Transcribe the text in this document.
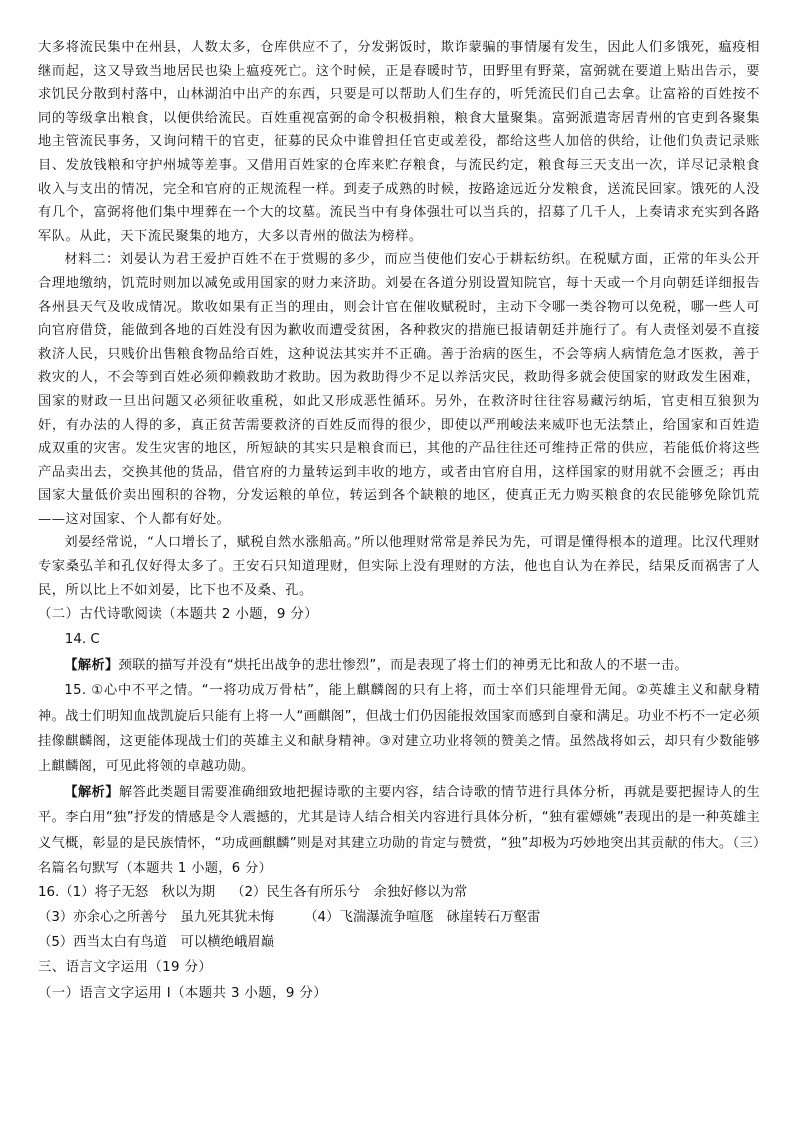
大多将流民集中在州县，人数太多，仓库供应不了，分发粥饭时，欺诈蒙骗的事情屡有发生，因此人们多饿死，瘟疫相继而起，这又导致当地居民也染上瘟疫死亡。这个时候，正是春暖时节，田野里有野菜，富弼就在要道上贴出告示，要求饥民分散到村落中，山林湖泊中出产的东西，只要是可以帮助人们生存的，听凭流民们自己去拿。让富裕的百姓按不同的等级拿出粮食，以便供给流民。百姓重视富弼的命令积极捐粮，粮食大量聚集。富弼派遣寄居青州的官吏到各聚集地主管流民事务，又询问精干的官吏，征募的民众中谁曾担任官吏或差役，都给这些人加倍的供给，让他们负责记录账目、发放钱粮和守护州城等差事。又借用百姓家的仓库来贮存粮食，与流民约定，粮食每三天支出一次，详尽记录粮食收入与支出的情况，完全和官府的正规流程一样。到麦子成熟的时候，按路途远近分发粮食，送流民回家。饿死的人没有几个，富弼将他们集中埋葬在一个大的坟墓。流民当中有身体强壮可以当兵的，招募了几千人，上奏请求充实到各路军队。从此，天下流民聚集的地方，大多以青州的做法为榜样。

材料二：刘晏认为君王爱护百姓不在于赏赐的多少，而应当使他们安心于耕耘纺织。在税赋方面，正常的年头公开合理地缴纳，饥荒时则加以减免或用国家的财力来济助。刘晏在各道分别设置知院官，每十天或一个月向朝廷详细报告各州县天气及收成情况。欺收如果有正当的理由，则会计官在催收赋税时，主动下令哪一类谷物可以免税，哪一些人可向官府借贷，能做到各地的百姓没有因为歉收而遭受贫困，各种救灾的措施已报请朝廷并施行了。有人责怪刘晏不直接救济人民，只贱价出售粮食物品给百姓，这种说法其实并不正确。善于治病的医生，不会等病人病情危急才医救，善于救灾的人，不会等到百姓必须仰赖救助才救助。因为救助得少不足以养活灾民，救助得多就会使国家的财政发生困难，国家的财政一旦出问题又必须征收重税，如此又形成恶性循环。另外，在救济时往往容易藏污纳垢，官吏相互狼狈为奸，有办法的人得的多，真正贫苦需要救济的百姓反而得的很少，即使以严刑峻法来威吓也无法禁止，给国家和百姓造成双重的灾害。发生灾害的地区，所短缺的其实只是粮食而已，其他的产品往往还可维持正常的供应，若能低价将这些产品卖出去，交换其他的货品，借官府的力量转运到丰收的地方，或者由官府自用，这样国家的财用就不会匮乏；再由国家大量低价卖出囤积的谷物，分发运粮的单位，转运到各个缺粮的地区，使真正无力购买粮食的农民能够免除饥荒——这对国家、个人都有好处。

刘晏经常说，“人口增长了，赋税自然水涨船高。”所以他理财常常是养民为先，可谓是懂得根本的道理。比汉代理财专家桑弘羊和孔仅好得太多了。王安石只知道理财，但实际上没有理财的方法，他也自认为在养民，结果反而祸害了人民，所以比上不如刘晏，比下也不及桑、孔。

（二）古代诗歌阅读（本题共 2 小题，9 分）

14. C

【解析】颈联的描写并没有“烘托出战争的悲壮惨烈”，而是表现了将士们的神勇无比和敌人的不堪一击。

15. ①心中不平之情。“一将功成万骨枯”，能上麒麟阁的只有上将，而士卒们只能埋骨无闻。②英雄主义和献身精神。战士们明知血战凯旋后只能有上将一人“画麒阁”，但战士们仍因能报效国家而感到自豪和满足。功业不朽不一定必须挂像麒麟阁，这更能体现战士们的英雄主义和献身精神。③对建立功业将领的赞美之情。虽然战将如云，却只有少数能够上麒麟阁，可见此将领的卓越功勋。

【解析】解答此类题目需要准确细致地把握诗歌的主要内容，结合诗歌的情节进行具体分析，再就是要把握诗人的生平。李白用“独”抒发的情感是令人震撼的，尤其是诗人结合相关内容进行具体分析，“独有霍嫖姚”表现出的是一种英雄主义气概，彰显的是民族情怀，“功成画麒麟”则是对其建立功勋的肯定与赞赏，“独”却极为巧妙地突出其贡献的伟大。（三）名篇名句默写（本题共 1 小题，6 分）

16.（1）将子无怒　秋以为期 （2）民生各有所乐兮　余独好修以为常

（3）亦余心之所善兮　虽九死其犹未悔 （4）飞湍瀑流争喧豗　砯崖转石万壑雷

（5）西当太白有鸟道　可以横绝峨眉巅

三、语言文字运用（19 分）

（一）语言文字运用 I（本题共 3 小题，9 分）
